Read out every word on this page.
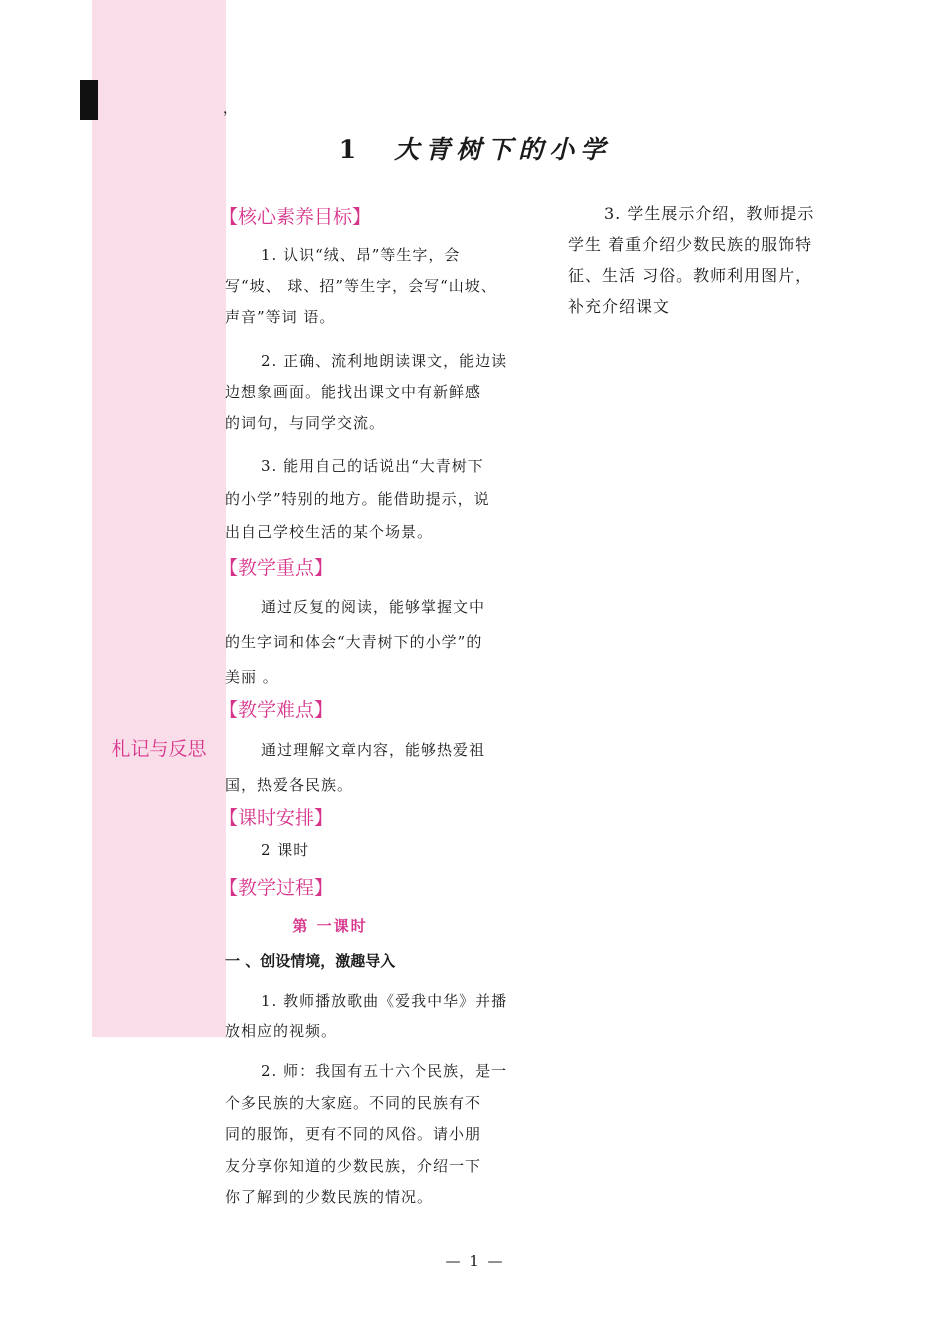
札记与反思
，
1 大青树下的小学
【核心素养目标】
1. 认识“绒、昂”等生字，会
写“坡、 球、招”等生字，会写“山坡、
声音”等词 语。
2. 正确、流利地朗读课文，能边读
边想象画面。能找出课文中有新鲜感
的词句，与同学交流。
3. 能用自己的话说出“大青树下
的小学”特别的地方。能借助提示，说
出自己学校生活的某个场景。
【教学重点】
通过反复的阅读，能够掌握文中
的生字词和体会“大青树下的小学”的
美丽 。
【教学难点】
通过理解文章内容，能够热爱祖
国，热爱各民族。
【课时安排】
2 课时
【教学过程】
第 一课时
一 、创设情境，激趣导入
1. 教师播放歌曲《爱我中华》并播
放相应的视频。
2. 师：我国有五十六个民族，是一
个多民族的大家庭。不同的民族有不
同的服饰，更有不同的风俗。请小朋
友分享你知道的少数民族，介绍一下
你了解到的少数民族的情况。
3. 学生展示介绍，教师提示
学生 着重介绍少数民族的服饰特
征、生活 习俗。教师利用图片，
补充介绍课文
— 1 —
